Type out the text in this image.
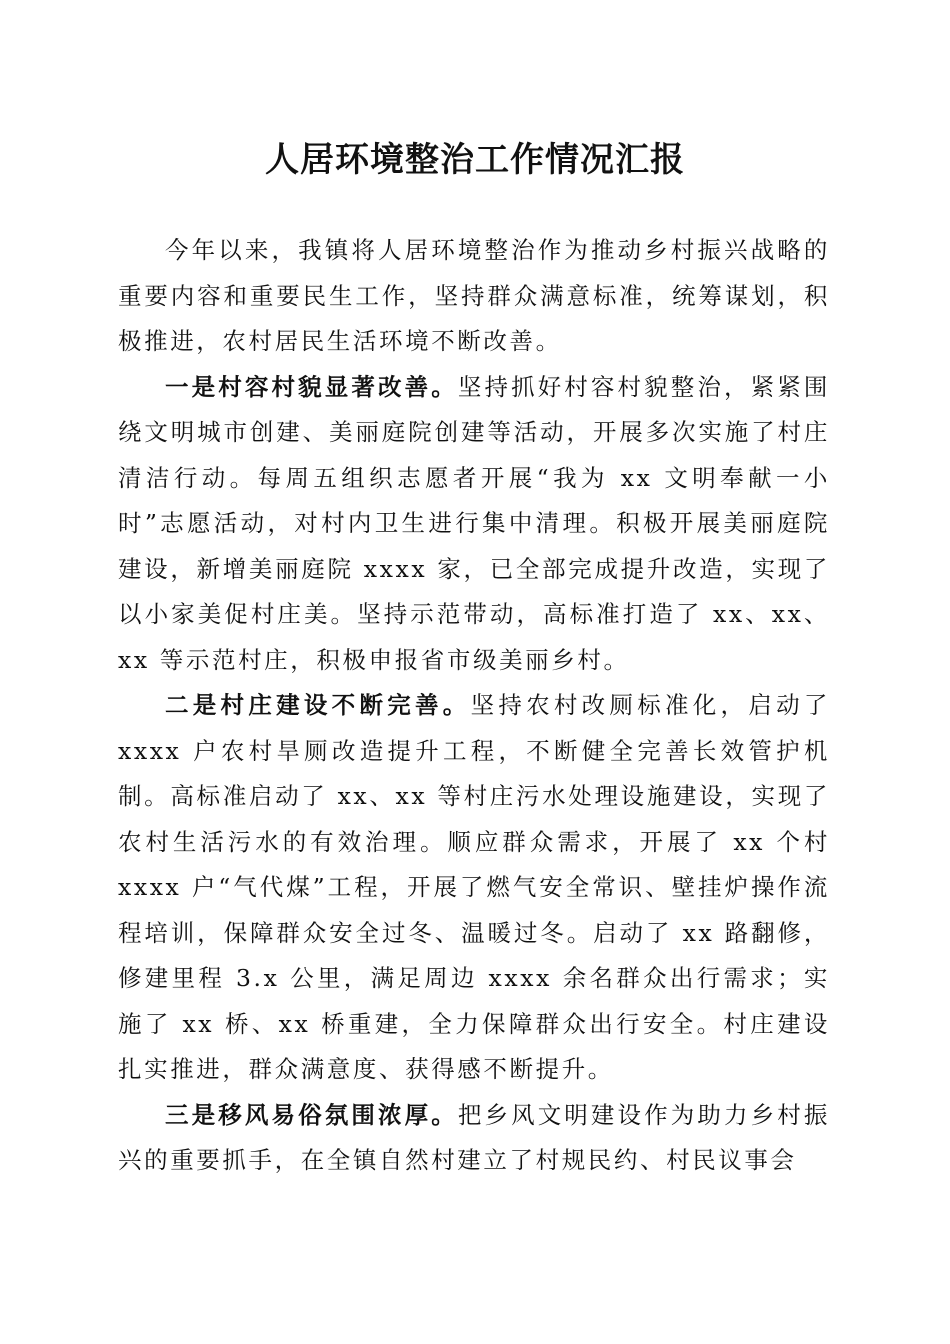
人居环境整治工作情况汇报

今年以来，我镇将人居环境整治作为推动乡村振兴战略的重要内容和重要民生工作，坚持群众满意标准，统筹谋划，积极推进，农村居民生活环境不断改善。

一是村容村貌显著改善。坚持抓好村容村貌整治，紧紧围绕文明城市创建、美丽庭院创建等活动，开展多次实施了村庄清洁行动。每周五组织志愿者开展“我为 xx 文明奉献一小时”志愿活动，对村内卫生进行集中清理。积极开展美丽庭院建设，新增美丽庭院 xxxx 家，已全部完成提升改造，实现了以小家美促村庄美。坚持示范带动，高标准打造了 xx、xx、xx 等示范村庄，积极申报省市级美丽乡村。

二是村庄建设不断完善。坚持农村改厕标准化，启动了 xxxx 户农村旱厕改造提升工程，不断健全完善长效管护机制。高标准启动了 xx、xx 等村庄污水处理设施建设，实现了农村生活污水的有效治理。顺应群众需求，开展了 xx 个村 xxxx 户“气代煤”工程，开展了燃气安全常识、壁挂炉操作流程培训，保障群众安全过冬、温暖过冬。启动了 xx 路翻修，修建里程 3.x 公里，满足周边 xxxx 余名群众出行需求；实施了 xx 桥、xx 桥重建，全力保障群众出行安全。村庄建设扎实推进，群众满意度、获得感不断提升。

三是移风易俗氛围浓厚。把乡风文明建设作为助力乡村振兴的重要抓手，在全镇自然村建立了村规民约、村民议事会
